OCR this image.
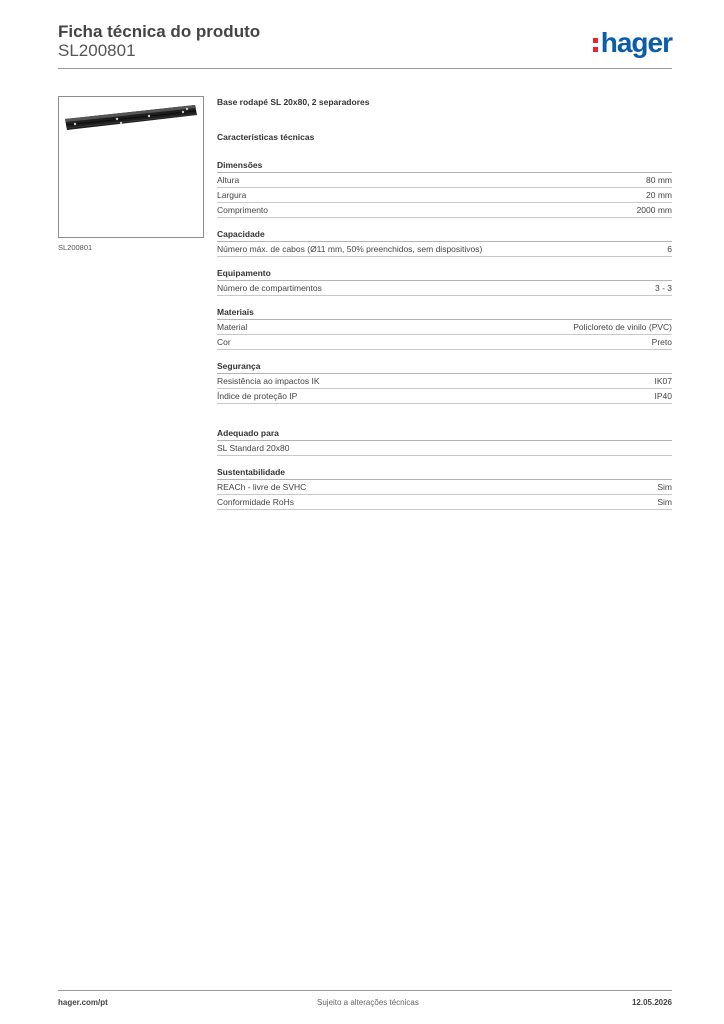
Ficha técnica do produto
SL200801	hager
SL200801
Base rodapé SL 20x80, 2 separadores
Características técnicas
Dimensões
Altura	80 mm
Largura	20 mm
Comprimento	2000 mm
Capacidade
Número máx. de cabos (Ø11 mm, 50% preenchidos, sem dispositivos)	6
Equipamento
Número de compartimentos	3 - 3
Materiais
Material	Policloreto de vinilo (PVC)
Cor	Preto
Segurança
Resistência ao impactos IK	IK07
Índice de proteção IP	IP40
Adequado para
SL Standard 20x80
Sustentabilidade
REACh - livre de SVHC	Sim
Conformidade RoHs	Sim
hager.com/pt	Sujeito a alterações técnicas	12.05.2026
